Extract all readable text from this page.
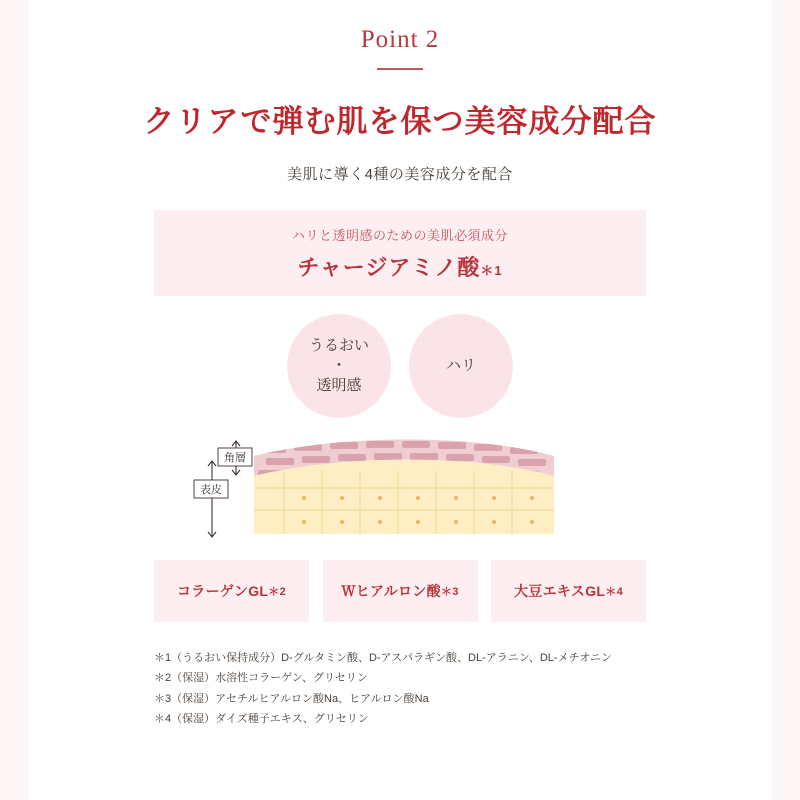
Point 2
クリアで弾む肌を保つ美容成分配合
美肌に導く4種の美容成分を配合
ハリと透明感のための美肌必須成分
チャージアミノ酸＊1
うるおい
・
透明感
ハリ
角層
表皮
コラーゲンGL ＊2	Ｗヒアルロン酸 ＊3	大豆エキスGL ＊4
＊1（うるおい保持成分）D-グルタミン酸、D-アスパラギン酸、DL-アラニン、DL-メチオニン
＊2（保湿）水溶性コラーゲン、グリセリン
＊3（保湿）アセチルヒアルロン酸Na、ヒアルロン酸Na
＊4（保湿）ダイズ種子エキス、グリセリン
